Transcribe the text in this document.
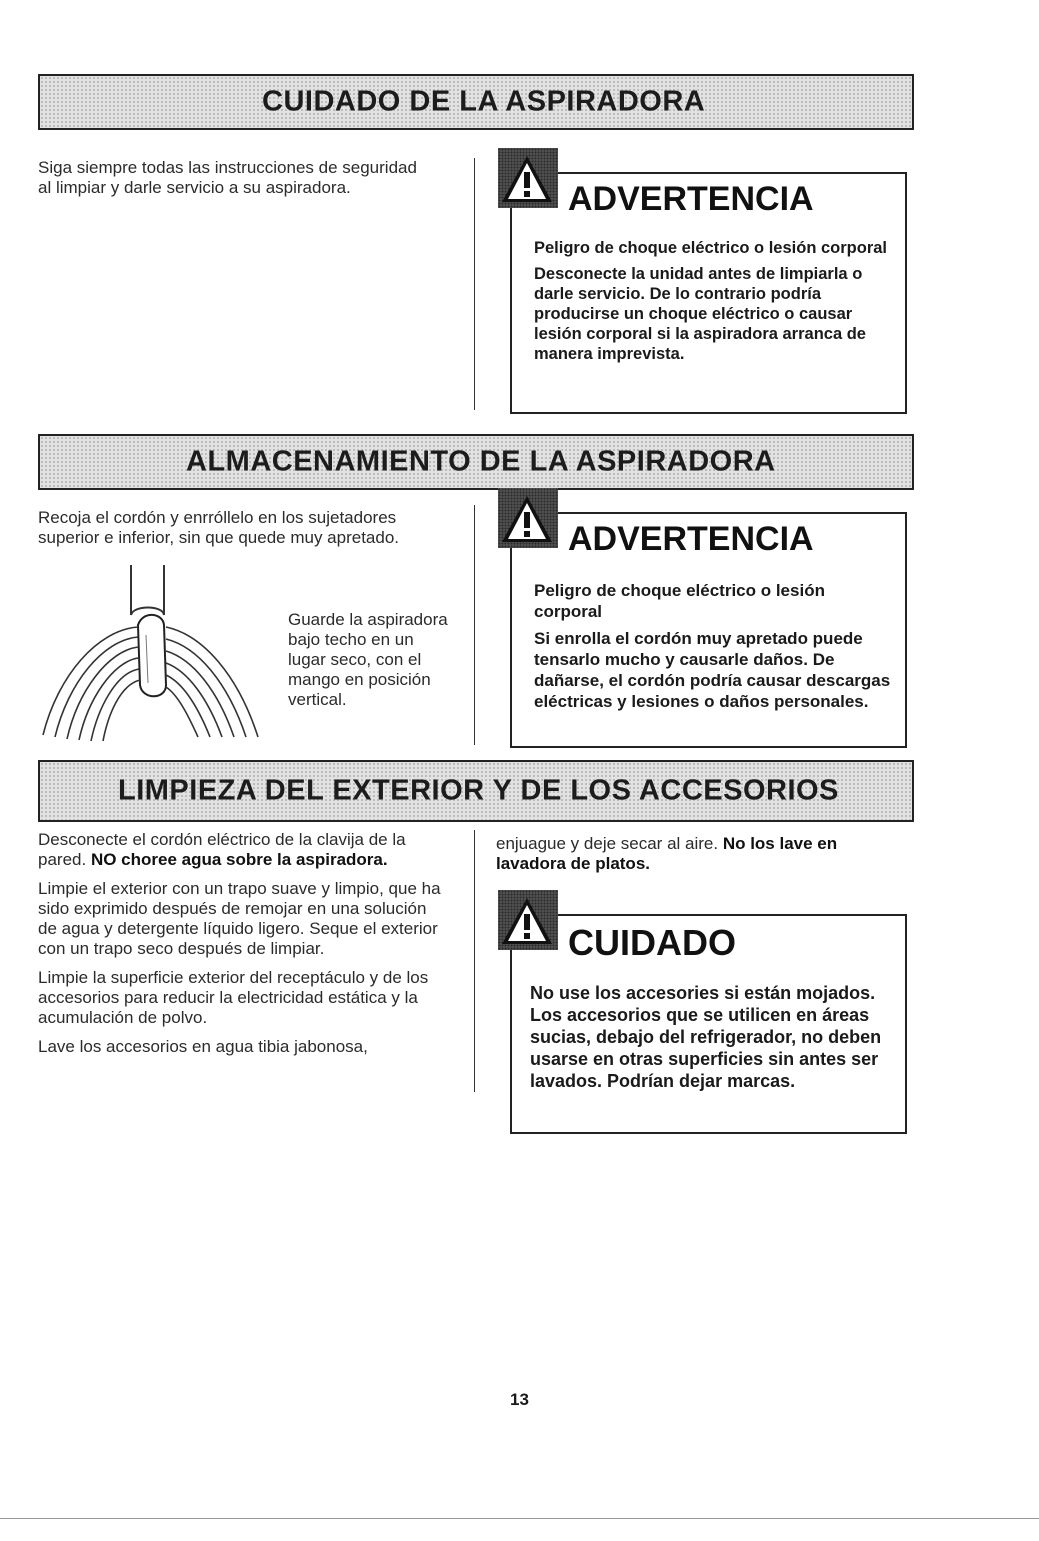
CUIDADO DE LA ASPIRADORA

Siga siempre todas las instrucciones de seguridad al limpiar y darle servicio a su aspiradora.	ADVERTENCIA

Peligro de choque eléctrico o lesión corporal

Desconecte la unidad antes de limpiarla o darle servicio. De lo contrario podría producirse un choque eléctrico o causar lesión corporal si la aspiradora arranca de manera imprevista.

ALMACENAMIENTO DE LA ASPIRADORA

Recoja el cordón y enrróllelo en los sujetadores superior e inferior, sin que quede muy apretado.

Guarde la aspiradora bajo techo en un lugar seco, con el mango en posición vertical.

ADVERTENCIA

Peligro de choque eléctrico o lesión corporal

Si enrolla el cordón muy apretado puede tensarlo mucho y causarle daños. De dañarse, el cordón podría causar descargas eléctricas y lesiones o daños personales.

LIMPIEZA DEL EXTERIOR Y DE LOS ACCESORIOS

Desconecte el cordón eléctrico de la clavija de la pared. NO choree agua sobre la aspiradora.

Limpie el exterior con un trapo suave y limpio, que ha sido exprimido después de remojar en una solución de agua y detergente líquido ligero. Seque el exterior con un trapo seco después de limpiar.

Limpie la superficie exterior del receptáculo y de los accesorios para reducir la electricidad estática y la acumulación de polvo.

Lave los accesorios en agua tibia jabonosa,

enjuague y deje secar al aire. No los lave en lavadora de platos.

CUIDADO

No use los accesories si están mojados. Los accesorios que se utilicen en áreas sucias, debajo del refrigerador, no deben usarse en otras superficies sin antes ser lavados. Podrían dejar marcas.

13
